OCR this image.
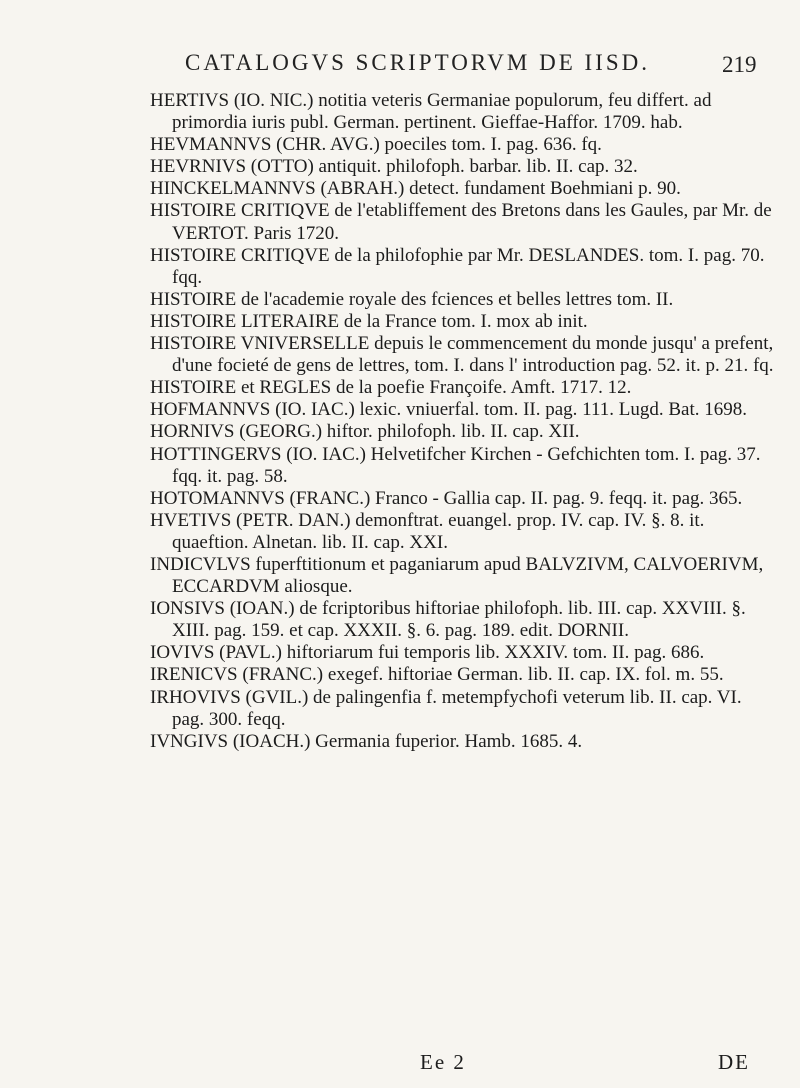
CATALOGVS SCRIPTORVM DE IISD.	219
HERTIVS (IO. NIC.) notitia veteris Germaniae populorum, feu differt. ad primordia iuris publ. German. pertinent. Gieffae-Haffor. 1709. hab.
HEVMANNVS (CHR. AVG.) poeciles tom. I. pag. 636. fq.
HEVRNIVS (OTTO) antiquit. philofoph. barbar. lib. II. cap. 32.
HINCKELMANNVS (ABRAH.) detect. fundament Boehmiani p. 90.
HISTOIRE CRITIQVE de l'etabliffement des Bretons dans les Gaules, par Mr. de VERTOT. Paris 1720.
HISTOIRE CRITIQVE de la philofophie par Mr. DESLANDES. tom. I. pag. 70. fqq.
HISTOIRE de l'academie royale des fciences et belles lettres tom. II.
HISTOIRE LITERAIRE de la France tom. I. mox ab init.
HISTOIRE VNIVERSELLE depuis le commencement du monde jusqu' a prefent, d'une focieté de gens de lettres, tom. I. dans l' introduction pag. 52. it. p. 21. fq.
HISTOIRE et REGLES de la poefie Françoife. Amft. 1717. 12.
HOFMANNVS (IO. IAC.) lexic. vniuerfal. tom. II. pag. 111. Lugd. Bat. 1698.
HORNIVS (GEORG.) hiftor. philofoph. lib. II. cap. XII.
HOTTINGERVS (IO. IAC.) Helvetifcher Kirchen - Gefchichten tom. I. pag. 37. fqq. it. pag. 58.
HOTOMANNVS (FRANC.) Franco - Gallia cap. II. pag. 9. feqq. it. pag. 365.
HVETIVS (PETR. DAN.) demonftrat. euangel. prop. IV. cap. IV. §. 8. it. quaeftion. Alnetan. lib. II. cap. XXI.
INDICVLVS fuperftitionum et paganiarum apud BALVZIVM, CALVOERIVM, ECCARDVM aliosque.
IONSIVS (IOAN.) de fcriptoribus hiftoriae philofoph. lib. III. cap. XXVIII. §. XIII. pag. 159. et cap. XXXII. §. 6. pag. 189. edit. DORNII.
IOVIVS (PAVL.) hiftoriarum fui temporis lib. XXXIV. tom. II. pag. 686.
IRENICVS (FRANC.) exegef. hiftoriae German. lib. II. cap. IX. fol. m. 55.
IRHOVIVS (GVIL.) de palingenfia f. metempfychofi veterum lib. II. cap. VI. pag. 300. feqq.
IVNGIVS (IOACH.) Germania fuperior. Hamb. 1685. 4.
Ee 2	DE
